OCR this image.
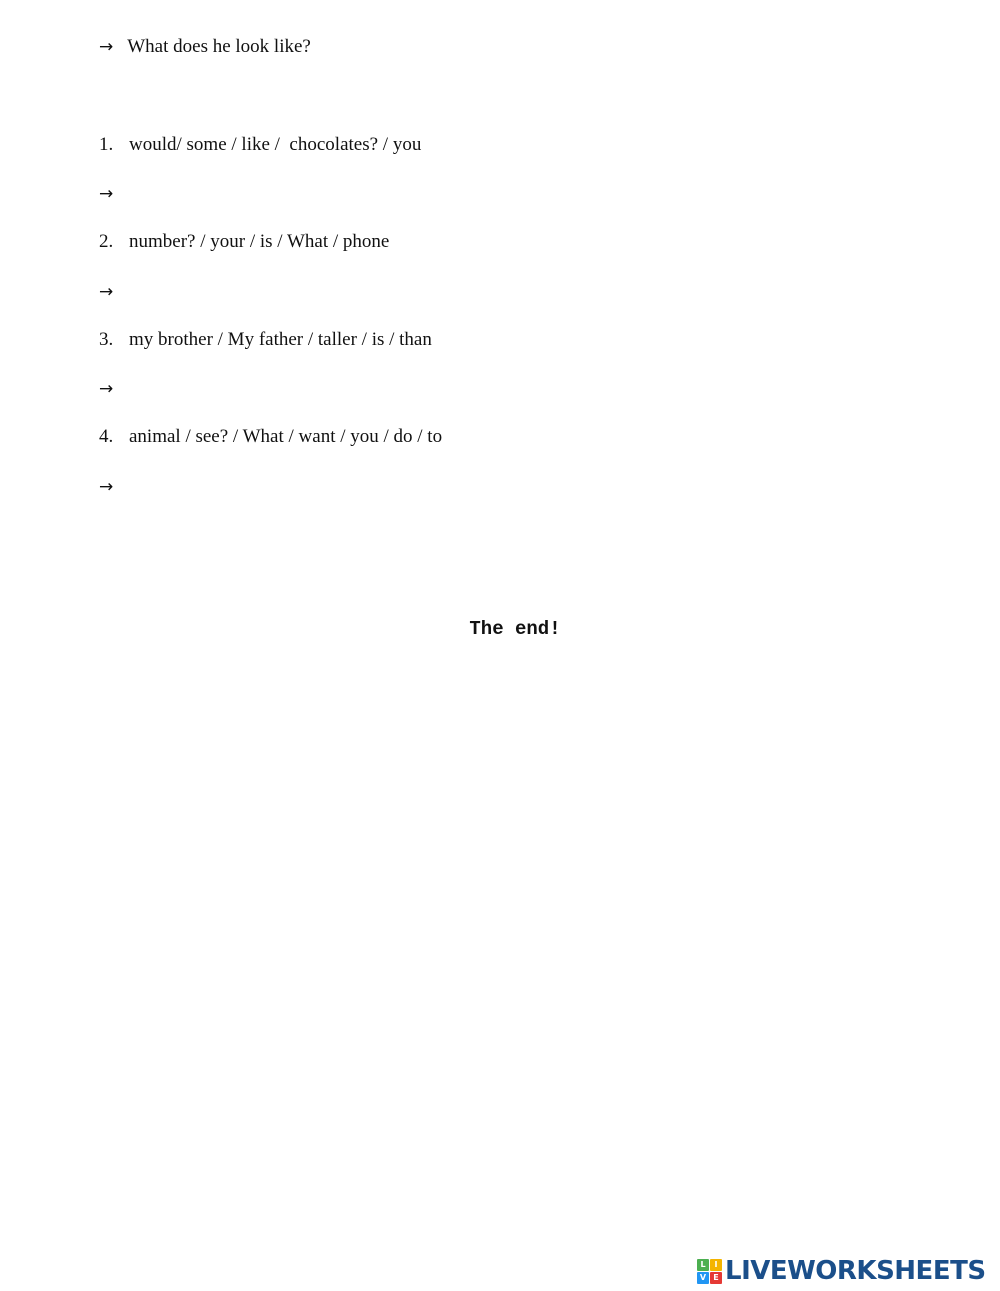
→ What does he look like?
1. would/ some / like /  chocolates? / you
→
2. number? / your / is / What / phone
→
3. my brother / My father / taller / is / than
→
4. animal / see? / What / want / you / do / to
→
The end!
L	I
V E LIVEWORKSHEETS
